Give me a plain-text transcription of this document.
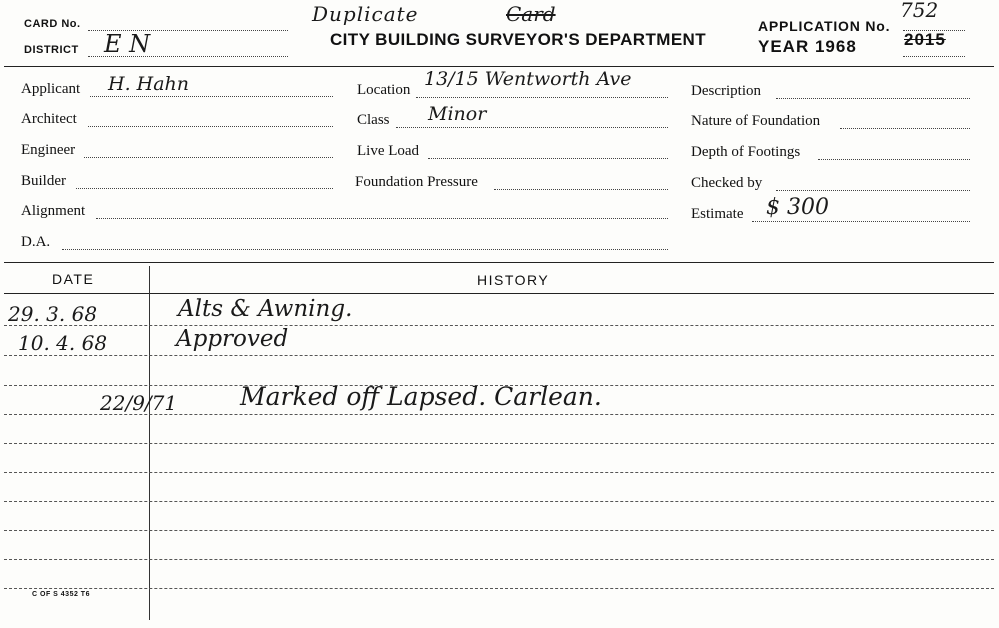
CARD No.
DISTRICT E N
Duplicate	Card
CITY BUILDING SURVEYOR'S DEPARTMENT
APPLICATION No.
752
YEAR 1968	2015
Applicant H. Hahn
Architect
Engineer
Builder
Alignment
D.A.
Location 13/15 Wentworth Ave
Class Minor
Live Load
Foundation Pressure
Description
Nature of Foundation
Depth of Footings
Checked by
Estimate $ 300
DATE	HISTORY
29. 3. 68	Alts & Awning.
10. 4. 68	Approved
22/9/71	Marked off Lapsed. Carlean.
C OF S 4352 T6
